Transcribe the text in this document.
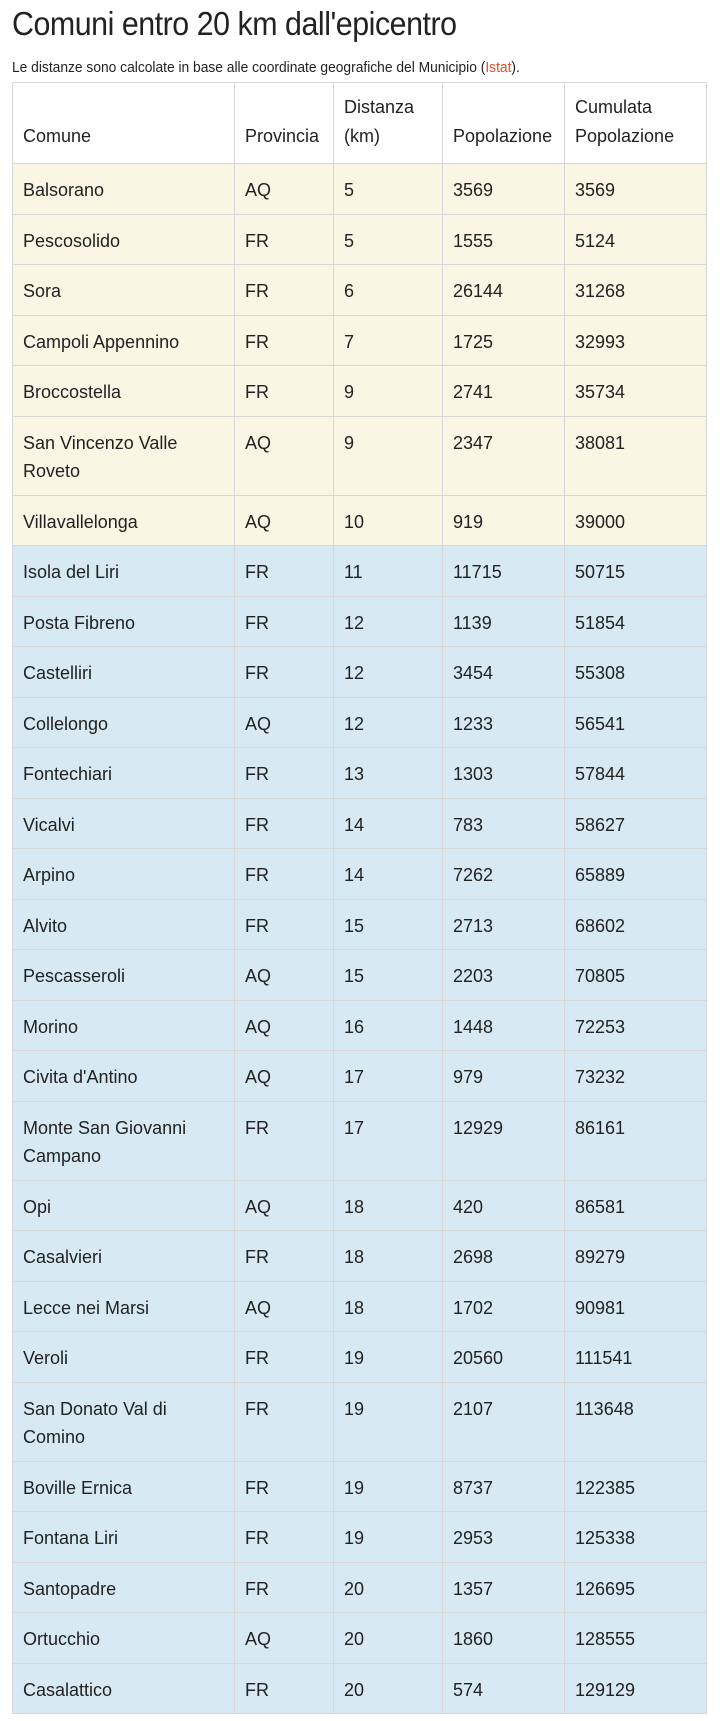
Comuni entro 20 km dall'epicentro
Le distanze sono calcolate in base alle coordinate geografiche del Municipio (Istat).
Comune	Provincia	Distanza (km)	Popolazione	Cumulata Popolazione
Balsorano	AQ	5	3569	3569
Pescosolido	FR	5	1555	5124
Sora	FR	6	26144	31268
Campoli Appennino	FR	7	1725	32993
Broccostella	FR	9	2741	35734
San Vincenzo Valle Roveto	AQ	9	2347	38081
Villavallelonga	AQ	10	919	39000
Isola del Liri	FR	11	11715	50715
Posta Fibreno	FR	12	1139	51854
Castelliri	FR	12	3454	55308
Collelongo	AQ	12	1233	56541
Fontechiari	FR	13	1303	57844
Vicalvi	FR	14	783	58627
Arpino	FR	14	7262	65889
Alvito	FR	15	2713	68602
Pescasseroli	AQ	15	2203	70805
Morino	AQ	16	1448	72253
Civita d'Antino	AQ	17	979	73232
Monte San Giovanni Campano	FR	17	12929	86161
Opi	AQ	18	420	86581
Casalvieri	FR	18	2698	89279
Lecce nei Marsi	AQ	18	1702	90981
Veroli	FR	19	20560	111541
San Donato Val di Comino	FR	19	2107	113648
Boville Ernica	FR	19	8737	122385
Fontana Liri	FR	19	2953	125338
Santopadre	FR	20	1357	126695
Ortucchio	AQ	20	1860	128555
Casalattico	FR	20	574	129129
